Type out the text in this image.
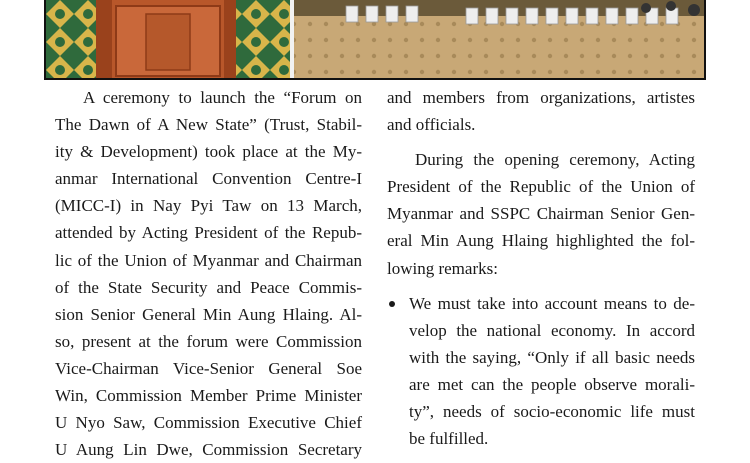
A ceremony to launch the “Forum on
The Dawn of A New State” (Trust, Stabil-
ity & Development) took place at the My-
anmar International Convention Centre-I
(MICC-I) in Nay Pyi Taw on 13 March,
attended by Acting President of the Repub-
lic of the Union of Myanmar and Chairman
of the State Security and Peace Commis-
sion Senior General Min Aung Hlaing. Al-
so, present at the forum were Commission
Vice-Chairman Vice-Senior General Soe
Win, Commission Member Prime Minister
U Nyo Saw, Commission Executive Chief
U Aung Lin Dwe, Commission Secretary
and members from organizations, artistes
and officials.
During the opening ceremony, Acting
President of the Republic of the Union of
Myanmar and SSPC Chairman Senior Gen-
eral Min Aung Hlaing highlighted the fol-
lowing remarks:
We must take into account means to de-
velop the national economy. In accord
with the saying, “Only if all basic needs
are met can the people observe morali-
ty”, needs of socio-economic life must
be fulfilled.
